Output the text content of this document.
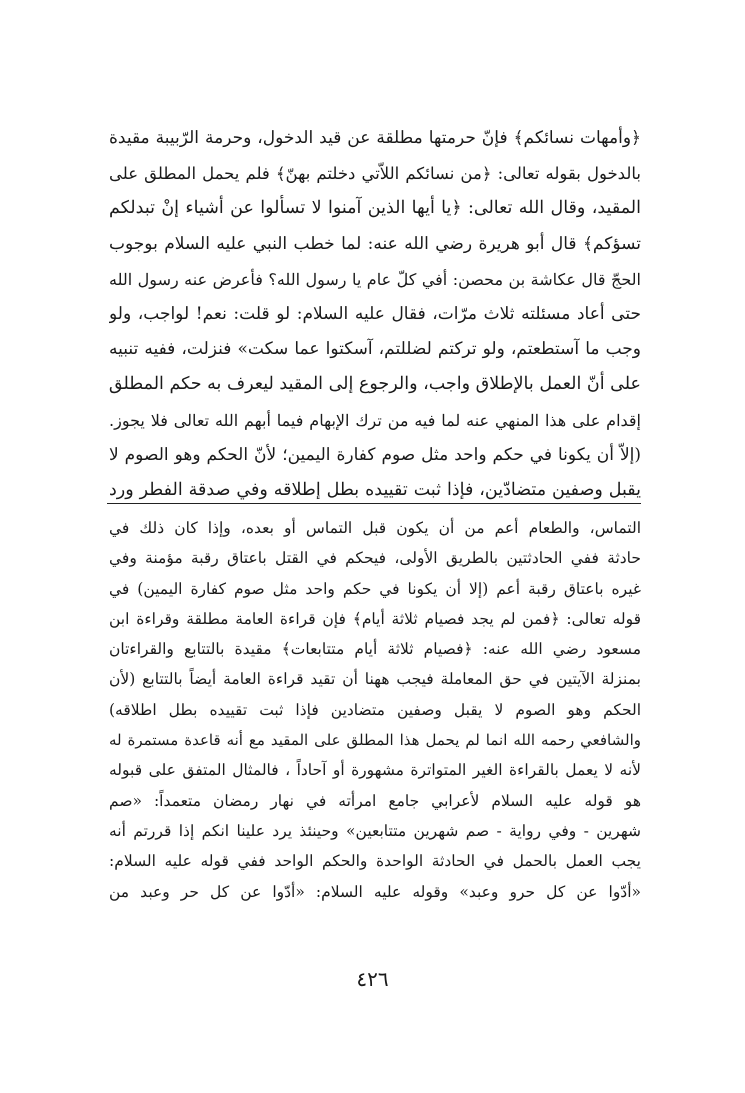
﴿وأمهات نسائكم﴾ فإنّ حرمتها مطلقة عن قيد الدخول، وحرمة الرّبيبة مقيدة
بالدخول بقوله تعالى: ﴿من نسائكم اللاّتي دخلتم بهنّ﴾ فلم يحمل المطلق على
المقيد، وقال الله تعالى: ﴿يا أيها الذين آمنوا لا تسألوا عن أشياء إنْ تبدلكم
تسؤكم﴾ قال أبو هريرة رضي الله عنه: لما خطب النبي عليه السلام بوجوب
الحجّ قال عكاشة بن محصن: أفي كلّ عام يا رسول الله؟ فأعرض عنه رسول الله
حتى أعاد مسئلته ثلاث مرّات، فقال عليه السلام: لو قلت: نعم! لواجب، ولو
وجب ما آستطعتم، ولو تركتم لضللتم، آسكتوا عما سكت» فنزلت، ففيه تنبيه
على أنّ العمل بالإطلاق واجب، والرجوع إلى المقيد ليعرف به حكم المطلق
إقدام على هذا المنهي عنه لما فيه من ترك الإبهام فيما أبهم الله تعالى فلا يجوز.
(إلاّ أن يكونا في حكم واحد مثل صوم كفارة اليمين؛ لأنّ الحكم وهو الصوم لا
يقبل وصفين متضادّين، فإذا ثبت تقييده بطل إطلاقه وفي صدقة الفطر ورد
التماس، والطعام أعم من أن يكون قبل التماس أو بعده، وإذا كان ذلك في
حادثة ففي الحادثتين بالطريق الأولى، فيحكم في القتل باعتاق رقبة مؤمنة وفي
غيره باعتاق رقبة أعم (إلا أن يكونا في حكم واحد مثل صوم كفارة اليمين) في
قوله تعالى: ﴿فمن لم يجد فصيام ثلاثة أيام﴾ فإن قراءة العامة مطلقة وقراءة ابن
مسعود رضي الله عنه: ﴿فصيام ثلاثة أيام متتابعات﴾ مقيدة بالتتابع والقراءتان
بمنزلة الآيتين في حق المعاملة فيجب ههنا أن تقيد قراءة العامة أيضاً بالتتابع (لأن
الحكم وهو الصوم لا يقبل وصفين متضادين فإذا ثبت تقييده بطل اطلاقه)
والشافعي رحمه الله انما لم يحمل هذا المطلق على المقيد مع أنه قاعدة مستمرة له
لأنه لا يعمل بالقراءة الغير المتواترة مشهورة أو آحاداً ، فالمثال المتفق على قبوله
هو قوله عليه السلام لأعرابي جامع امرأته في نهار رمضان متعمداً: «صم
شهرين - وفي رواية - صم شهرين متتابعين» وحينئذ يرد علينا انكم إذا قررتم أنه
يجب العمل بالحمل في الحادثة الواحدة والحكم الواحد ففي قوله عليه السلام:
«أدّوا عن كل حرو وعبد» وقوله عليه السلام: «أدّوا عن كل حر وعبد من
٤٢٦
